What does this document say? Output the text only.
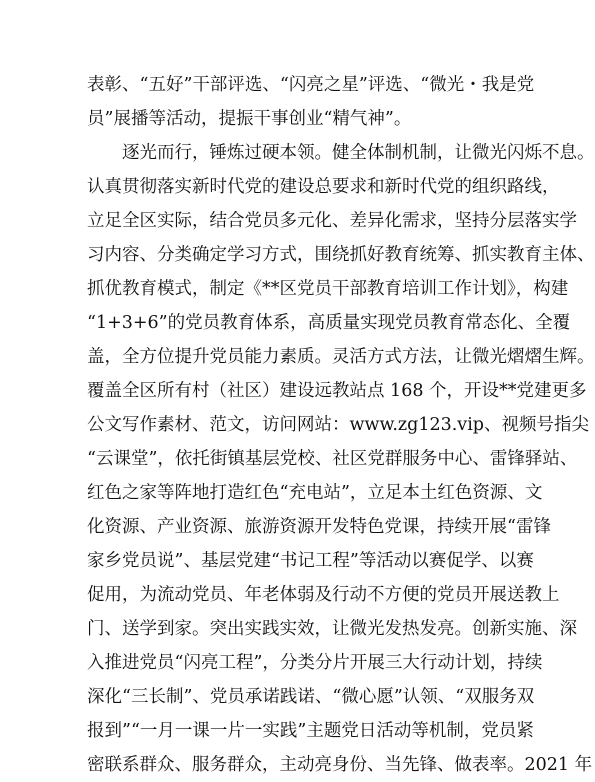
表彰、“五好”干部评选、“闪亮之星”评选、“微光・我是党
员”展播等活动，提振干事创业“精气神”。
　　逐光而行，锤炼过硬本领。健全体制机制，让微光闪烁不息。
认真贯彻落实新时代党的建设总要求和新时代党的组织路线，
立足全区实际，结合党员多元化、差异化需求，坚持分层落实学
习内容、分类确定学习方式，围绕抓好教育统筹、抓实教育主体、
抓优教育模式，制定《**区党员干部教育培训工作计划》，构建
“1+3+6”的党员教育体系，高质量实现党员教育常态化、全覆
盖，全方位提升党员能力素质。灵活方式方法，让微光熠熠生辉。
覆盖全区所有村（社区）建设远教站点 168 个，开设**党建更多
公文写作素材、范文，访问网站：www.zg123.vip、视频号指尖
“云课堂”，依托街镇基层党校、社区党群服务中心、雷锋驿站、
红色之家等阵地打造红色“充电站”，立足本土红色资源、文
化资源、产业资源、旅游资源开发特色党课，持续开展“雷锋
家乡党员说”、基层党建“书记工程”等活动以赛促学、以赛
促用，为流动党员、年老体弱及行动不方便的党员开展送教上
门、送学到家。突出实践实效，让微光发热发亮。创新实施、深
入推进党员“闪亮工程”，分类分片开展三大行动计划，持续
深化“三长制”、党员承诺践诺、“微心愿”认领、“双服务双
报到”“一月一课一片一实践”主题党日活动等机制，党员紧
密联系群众、服务群众，主动亮身份、当先锋、做表率。2021 年
